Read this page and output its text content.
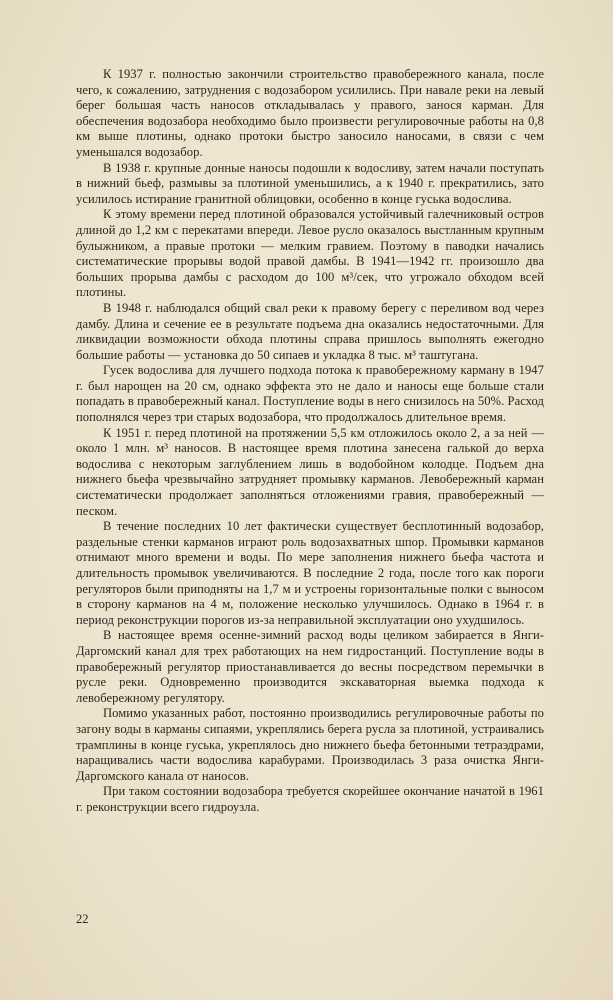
К 1937 г. полностью закончили строительство правобережного канала, после чего, к сожалению, затруднения с водозабором усилились. При навале реки на левый берег большая часть наносов откладывалась у правого, занося карман. Для обеспечения водозабора необходимо было произвести регулировочные работы на 0,8 км выше плотины, однако протоки быстро заносило наносами, в связи с чем уменьшался водозабор.

В 1938 г. крупные донные наносы подошли к водосливу, затем начали поступать в нижний бьеф, размывы за плотиной уменьшились, а к 1940 г. прекратились, зато усилилось истирание гранитной облицовки, особенно в конце гуська водослива.

К этому времени перед плотиной образовался устойчивый галечниковый остров длиной до 1,2 км с перекатами впереди. Левое русло оказалось выстланным крупным булыжником, а правые протоки — мелким гравием. Поэтому в паводки начались систематические прорывы водой правой дамбы. В 1941—1942 гг. произошло два больших прорыва дамбы с расходом до 100 м³/сек, что угрожало обходом всей плотины.

В 1948 г. наблюдался общий свал реки к правому берегу с переливом вод через дамбу. Длина и сечение ее в результате подъема дна оказались недостаточными. Для ликвидации возможности обхода плотины справа пришлось выполнять ежегодно большие работы — установка до 50 сипаев и укладка 8 тыс. м³ таштугана.

Гусек водослива для лучшего подхода потока к правобережному карману в 1947 г. был нарощен на 20 см, однако эффекта это не дало и наносы еще больше стали попадать в правобережный канал. Поступление воды в него снизилось на 50%. Расход пополнялся через три старых водозабора, что продолжалось длительное время.

К 1951 г. перед плотиной на протяжении 5,5 км отложилось около 2, а за ней — около 1 млн. м³ наносов. В настоящее время плотина занесена галькой до верха водослива с некоторым заглублением лишь в водобойном колодце. Подъем дна нижнего бьефа чрезвычайно затрудняет промывку карманов. Левобережный карман систематически продолжает заполняться отложениями гравия, правобережный — песком.

В течение последних 10 лет фактически существует бесплотинный водозабор, раздельные стенки карманов играют роль водозахватных шпор. Промывки карманов отнимают много времени и воды. По мере заполнения нижнего бьефа частота и длительность промывок увеличиваются. В последние 2 года, после того как пороги регуляторов были приподняты на 1,7 м и устроены горизонтальные полки с выносом в сторону карманов на 4 м, положение несколько улучшилось. Однако в 1964 г. в период реконструкции порогов из-за неправильной эксплуатации оно ухудшилось.

В настоящее время осенне-зимний расход воды целиком забирается в Янги-Даргомский канал для трех работающих на нем гидростанций. Поступление воды в правобережный регулятор приостанавливается до весны посредством перемычки в русле реки. Одновременно производится экскаваторная выемка подхода к левобережному регулятору.

Помимо указанных работ, постоянно производились регулировочные работы по загону воды в карманы сипаями, укреплялись берега русла за плотиной, устраивались трамплины в конце гуська, укреплялось дно нижнего бьефа бетонными тетраэдрами, наращивались части водослива карабурами. Производилась 3 раза очистка Янги-Даргомского канала от наносов.

При таком состоянии водозабора требуется скорейшее окончание начатой в 1961 г. реконструкции всего гидроузла.

22
